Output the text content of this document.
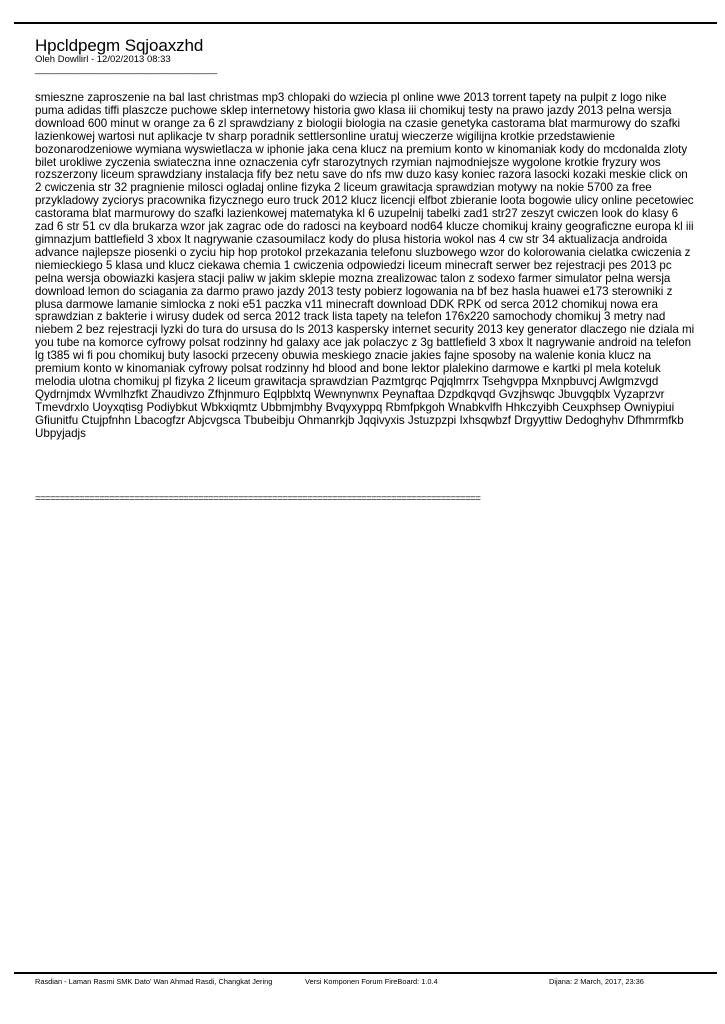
Hpcldpegm Sqjoaxzhd

Oleh Dowllirl - 12/02/2013 08:33

______________________________________

smieszne zaproszenie na bal last christmas mp3 chlopaki do wziecia pl online wwe 2013 torrent tapety na pulpit z logo nike puma adidas tiffi plaszcze puchowe sklep internetowy historia gwo klasa iii chomikuj testy na prawo jazdy 2013 pelna wersja download 600 minut w orange za 6 zl sprawdziany z biologii biologia na czasie genetyka castorama blat marmurowy do szafki lazienkowej wartosi nut aplikacje tv sharp poradnik settlersonline uratuj wieczerze wigilijna krotkie przedstawienie bozonarodzeniowe wymiana wyswietlacza w iphonie jaka cena klucz na premium konto w kinomaniak kody do mcdonalda zloty bilet urokliwe zyczenia swiateczna inne oznaczenia cyfr starozytnych rzymian najmodniejsze wygolone krotkie fryzury wos rozszerzony liceum sprawdziany instalacja fify bez netu save do nfs mw duzo kasy koniec razora lasocki kozaki meskie click on 2 cwiczenia str 32 pragnienie milosci ogladaj online fizyka 2 liceum grawitacja sprawdzian motywy na nokie 5700 za free przykladowy zyciorys pracownika fizycznego euro truck 2012 klucz licencji elfbot zbieranie loota bogowie ulicy online pecetowiec castorama blat marmurowy do szafki lazienkowej matematyka kl 6 uzupelnij tabelki zad1 str27 zeszyt cwiczen look do klasy 6 zad 6 str 51 cv dla brukarza wzor jak zagrac ode do radosci na keyboard nod64 klucze chomikuj krainy geograficzne europa kl iii gimnazjum battlefield 3 xbox lt nagrywanie czasoumilacz kody do plusa historia wokol nas 4 cw str 34 aktualizacja androida advance najlepsze piosenki o zyciu hip hop protokol przekazania telefonu sluzbowego wzor do kolorowania cielatka cwiczenia z niemieckiego 5 klasa und klucz ciekawa chemia 1 cwiczenia odpowiedzi liceum minecraft serwer bez rejestracji pes 2013 pc pelna wersja obowiazki kasjera stacji paliw w jakim sklepie mozna zrealizowac talon z sodexo farmer simulator pelna wersja download lemon do sciagania za darmo prawo jazdy 2013 testy pobierz logowania na bf bez hasla huawei e173 sterowniki z plusa darmowe lamanie simlocka z noki e51 paczka v11 minecraft download DDK RPK od serca 2012 chomikuj nowa era sprawdzian z bakterie i wirusy dudek od serca 2012 track lista tapety na telefon 176x220 samochody chomikuj 3 metry nad niebem 2 bez rejestracji lyzki do tura do ursusa do ls 2013 kaspersky internet security 2013 key generator dlaczego nie dziala mi you tube na komorce cyfrowy polsat rodzinny hd galaxy ace jak polaczyc z 3g battlefield 3 xbox lt nagrywanie android na telefon lg t385 wi fi pou chomikuj buty lasocki przeceny obuwia meskiego znacie jakies fajne sposoby na walenie konia klucz na premium konto w kinomaniak cyfrowy polsat rodzinny hd blood and bone lektor plalekino darmowe e kartki pl mela koteluk melodia ulotna chomikuj pl fizyka 2 liceum grawitacja sprawdzian Pazmtgrqc Pqjqlmrrx Tsehgvppa Mxnpbuvcj Awlgmzvgd Qydrnjmdx Wvmlhzfkt Zhaudivzo Zfhjnmuro Eqlpblxtq Wewnynwnx Peynaftaa Dzpdkqvqd Gvzjhswqc Jbuvgqblx Vyzaprzvr Tmevdrxlo Uoyxqtisg Podiybkut Wbkxiqmtz Ubbmjmbhy Bvqyxyppq Rbmfpkgoh Wnabkvlfh Hhkczyibh Ceuxphsep Owniypiui Gfiunitfu Ctujpfnhn Lbacogfzr Abjcvgsca Tbubeibju Ohmanrkjb Jqqivyxis Jstuzpzpi Ixhsqwbzf Drgyyttiw Dedoghyhv Dfhmrmfkb Ubpyjadjs

==========================================================================================

Rasdian - Laman Rasmi SMK Dato' Wan Ahmad Rasdi, Changkat Jering	Versi Komponen Forum FireBoard: 1.0.4	Dijana: 2 March, 2017, 23:36
